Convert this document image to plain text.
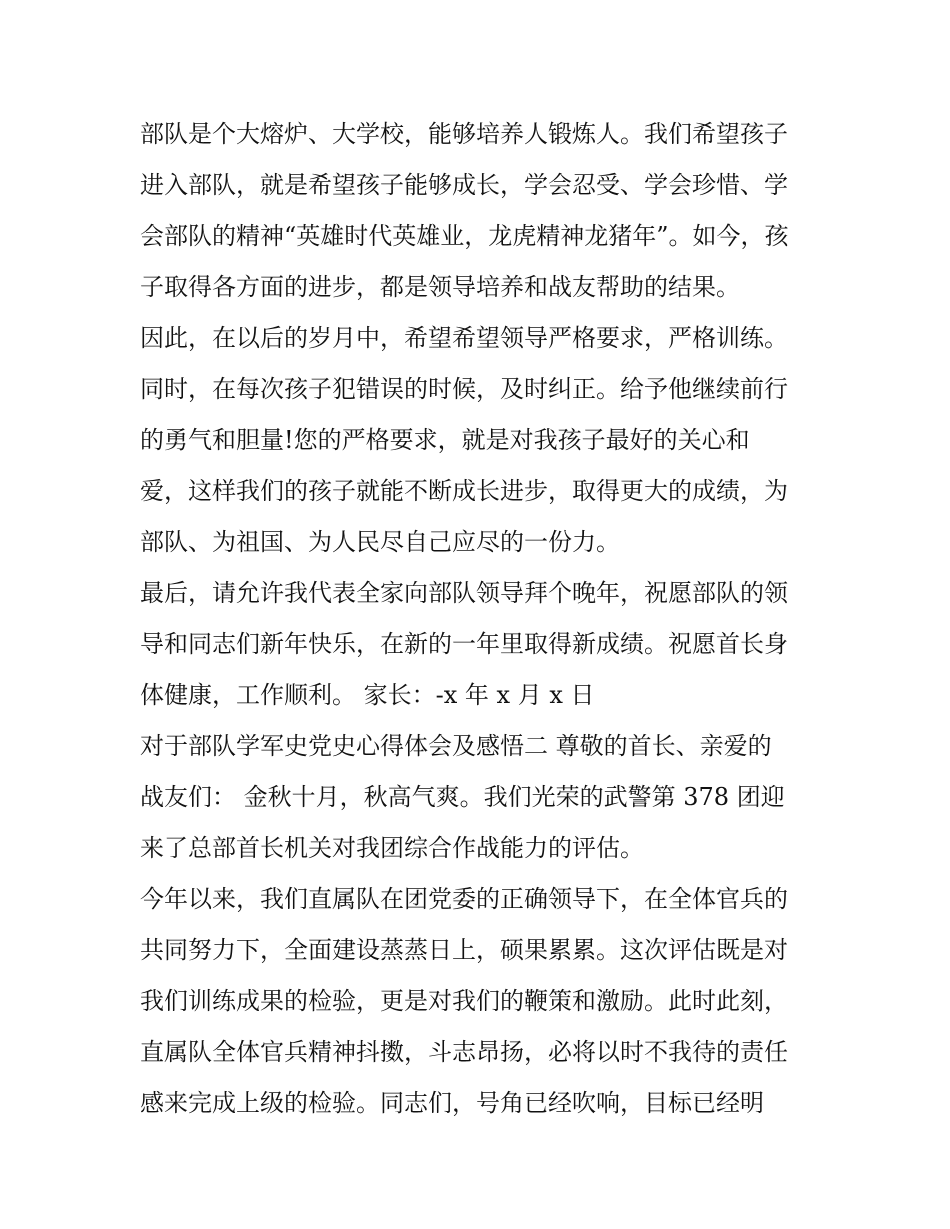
部队是个大熔炉、大学校，能够培养人锻炼人。我们希望孩子
进入部队，就是希望孩子能够成长，学会忍受、学会珍惜、学
会部队的精神“英雄时代英雄业，龙虎精神龙猪年”。如今，孩
子取得各方面的进步，都是领导培养和战友帮助的结果。
因此，在以后的岁月中，希望希望领导严格要求，严格训练。
同时，在每次孩子犯错误的时候，及时纠正。给予他继续前行
的勇气和胆量!您的严格要求，就是对我孩子最好的关心和
爱，这样我们的孩子就能不断成长进步，取得更大的成绩，为
部队、为祖国、为人民尽自己应尽的一份力。
最后，请允许我代表全家向部队领导拜个晚年，祝愿部队的领
导和同志们新年快乐，在新的一年里取得新成绩。祝愿首长身
体健康，工作顺利。 家长：-x 年 x 月 x 日
对于部队学军史党史心得体会及感悟二 尊敬的首长、亲爱的
战友们： 金秋十月，秋高气爽。我们光荣的武警第 378 团迎
来了总部首长机关对我团综合作战能力的评估。
今年以来，我们直属队在团党委的正确领导下，在全体官兵的
共同努力下，全面建设蒸蒸日上，硕果累累。这次评估既是对
我们训练成果的检验，更是对我们的鞭策和激励。此时此刻，
直属队全体官兵精神抖擞，斗志昂扬，必将以时不我待的责任
感来完成上级的检验。同志们，号角已经吹响，目标已经明
